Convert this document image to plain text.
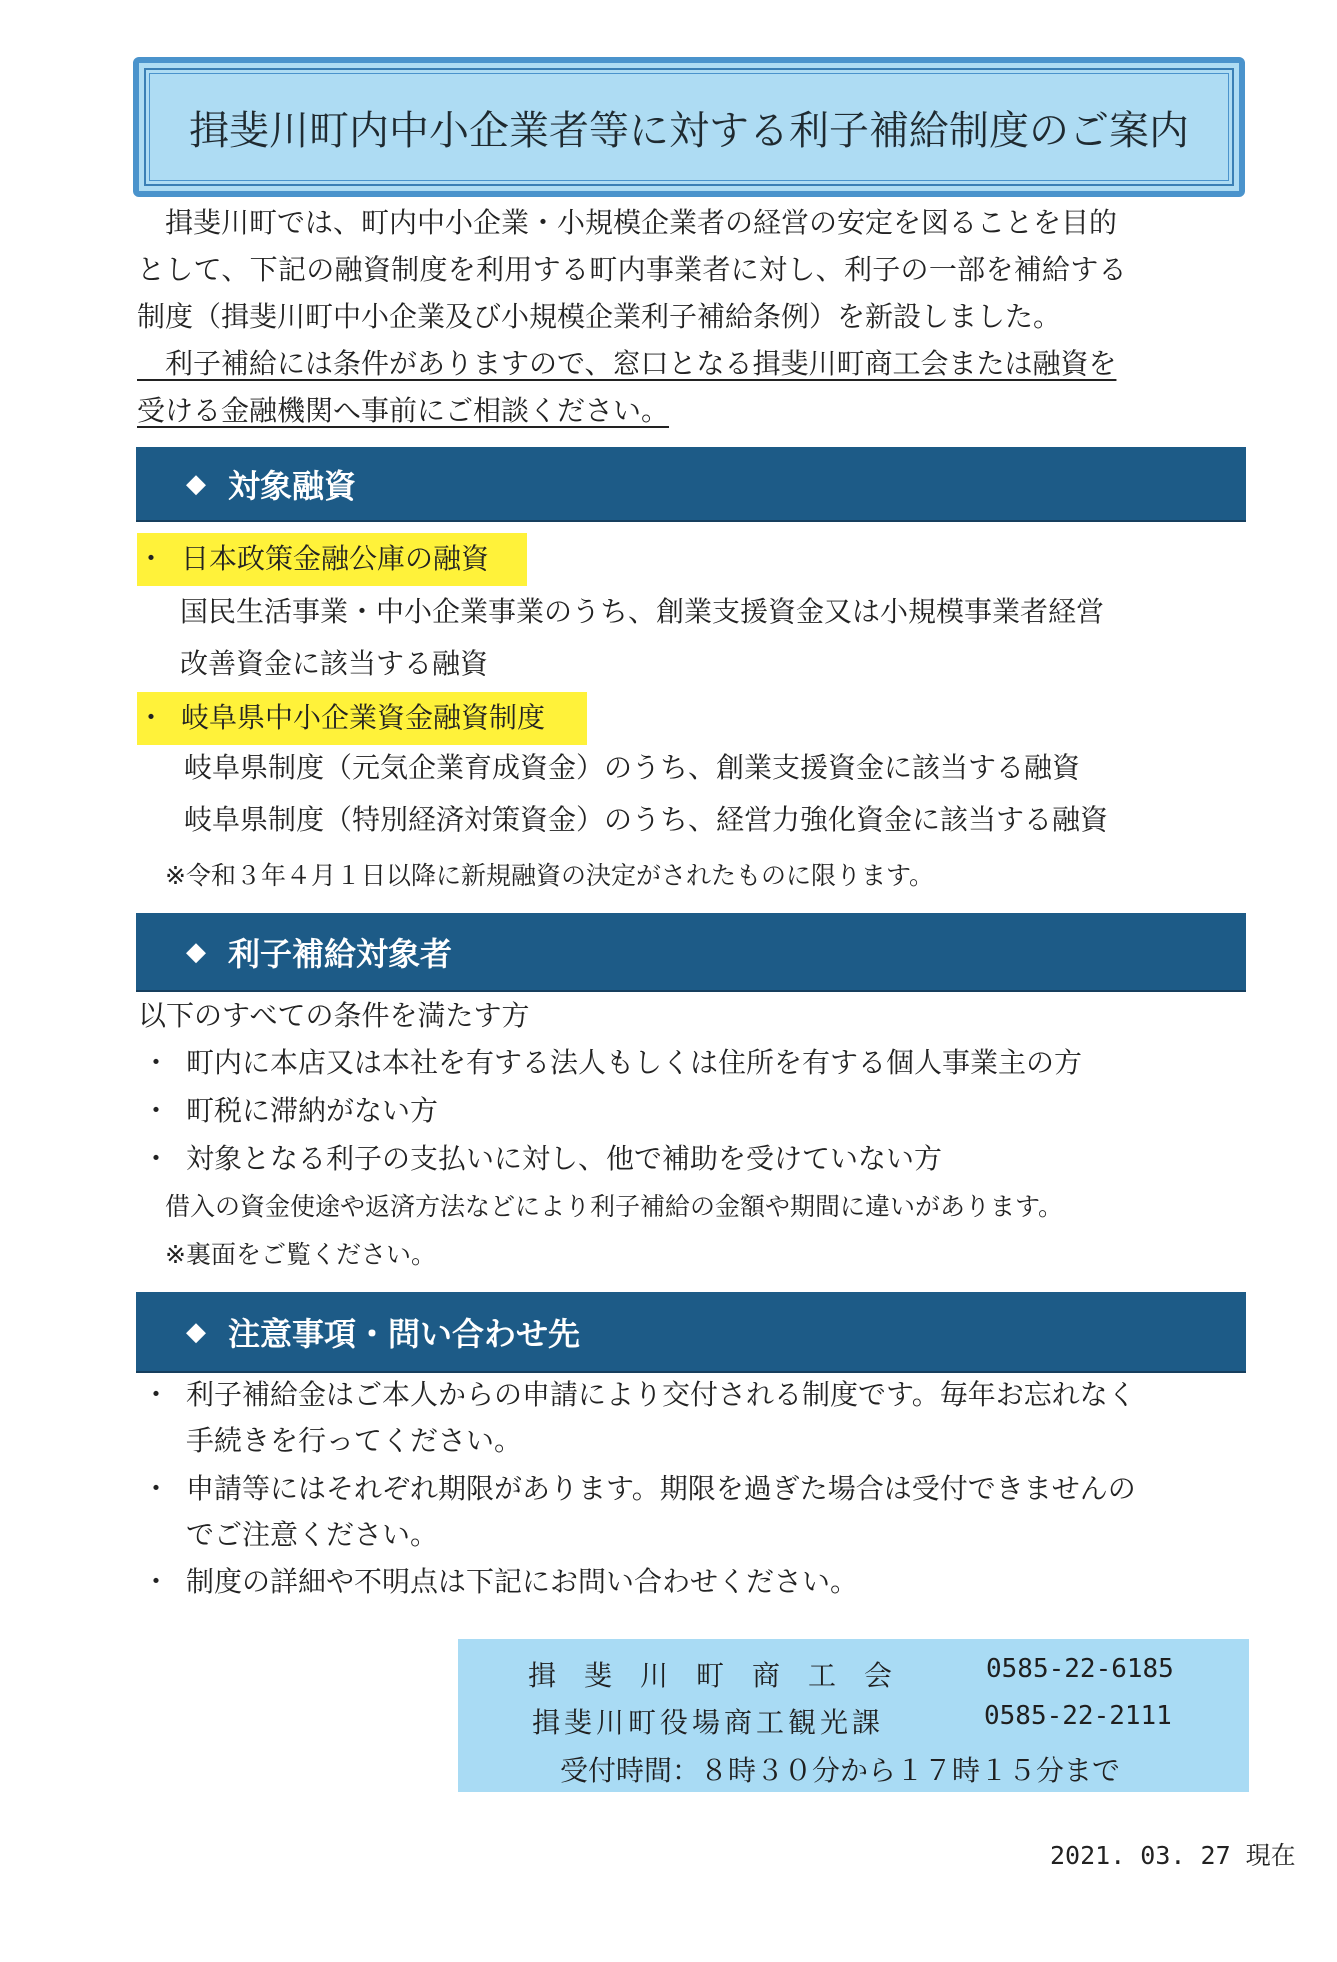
揖斐川町内中小企業者等に対する利子補給制度のご案内
　揖斐川町では、町内中小企業・小規模企業者の経営の安定を図ることを目的
として、下記の融資制度を利用する町内事業者に対し、利子の一部を補給する
制度（揖斐川町中小企業及び小規模企業利子補給条例）を新設しました。
　利子補給には条件がありますので、窓口となる揖斐川町商工会または融資を
受ける金融機関へ事前にご相談ください。
◆ 対象融資
・ 日本政策金融公庫の融資
国民生活事業・中小企業事業のうち、創業支援資金又は小規模事業者経営
改善資金に該当する融資
・ 岐阜県中小企業資金融資制度
岐阜県制度（元気企業育成資金）のうち、創業支援資金に該当する融資
岐阜県制度（特別経済対策資金）のうち、経営力強化資金に該当する融資
※令和３年４月１日以降に新規融資の決定がされたものに限ります。
◆ 利子補給対象者
以下のすべての条件を満たす方
・ 町内に本店又は本社を有する法人もしくは住所を有する個人事業主の方
・ 町税に滞納がない方
・ 対象となる利子の支払いに対し、他で補助を受けていない方
借入の資金使途や返済方法などにより利子補給の金額や期間に違いがあります。
※裏面をご覧ください。
◆ 注意事項・問い合わせ先
・ 利子補給金はご本人からの申請により交付される制度です。毎年お忘れなく
手続きを行ってください。
・ 申請等にはそれぞれ期限があります。期限を過ぎた場合は受付できませんの
でご注意ください。
・ 制度の詳細や不明点は下記にお問い合わせください。
揖　斐　川　町　商　工　会	0585-22-6185
揖斐川町役場商工観光課	0585-22-2111
受付時間：８時３０分から１７時１５分まで
2021. 03. 27 現在
